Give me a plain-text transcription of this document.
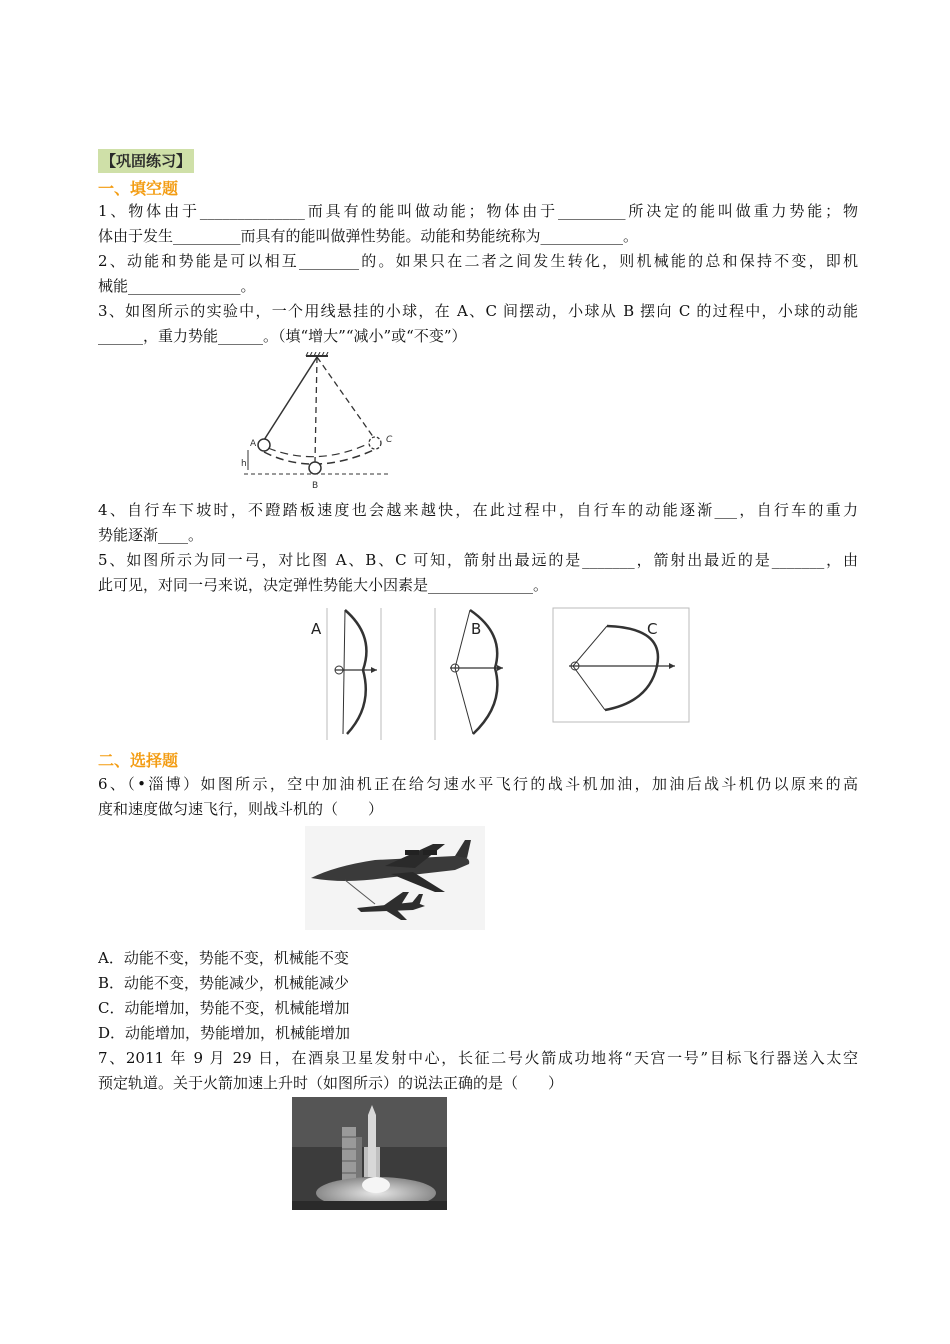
【巩固练习】
一、填空题
1、物体由于______________而具有的能叫做动能；物体由于_________所决定的能叫做重力势能；物
体由于发生_________而具有的能叫做弹性势能。动能和势能统称为___________。
2、动能和势能是可以相互________的。如果只在二者之间发生转化，则机械能的总和保持不变，即机
械能_______________。
3、如图所示的实验中，一个用线悬挂的小球，在 A、C 间摆动，小球从 B 摆向 C 的过程中，小球的动能
______，重力势能______。（填“增大”“减小”或“不变”）
A
B
C
h
4、自行车下坡时，不蹬踏板速度也会越来越快，在此过程中，自行车的动能逐渐___，自行车的重力
势能逐渐____。
5、如图所示为同一弓，对比图 A、B、C 可知，箭射出最远的是_______，箭射出最近的是_______，由
此可见，对同一弓来说，决定弹性势能大小因素是______________。
A	B	C
二、选择题
6、（•淄博）如图所示，空中加油机正在给匀速水平飞行的战斗机加油，加油后战斗机仍以原来的高
度和速度做匀速飞行，则战斗机的（　　）
A．动能不变，势能不变，机械能不变
B．动能不变，势能减少，机械能减少
C．动能增加，势能不变，机械能增加
D．动能增加，势能增加，机械能增加
7、2011 年 9 月 29 日，在酒泉卫星发射中心，长征二号火箭成功地将“天宫一号”目标飞行器送入太空
预定轨道。关于火箭加速上升时（如图所示）的说法正确的是（　　）
